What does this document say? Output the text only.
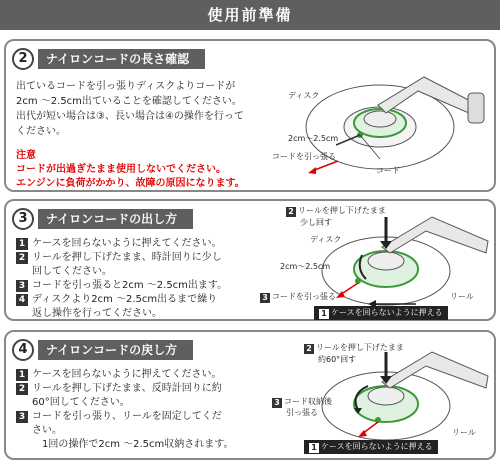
使用前準備
2	ナイロンコードの長さ確認
出ているコードを引っ張りディスクよりコードが
2cm 〜2.5cm出ていることを確認してください。
出代が短い場合は③、長い場合は④の操作を行って
ください。
注意
コードが出過ぎたまま使用しないでください。
エンジンに負荷がかかり、故障の原因になります。
ディスク
2cm〜2.5cm
コードを引っ張る
コード
3	ナイロンコードの出し方
1 ケースを回らないように押えてください。
2 リールを押し下げたまま、時計回りに少し
回してください。
3 コードを引っ張ると2cm 〜2.5cm出ます。
4 ディスクより2cm 〜2.5cm出るまで繰り
返し操作を行ってください。
2 リールを押し下げたまま
少し回す
ディスク
2cm〜2.5cm
3 コードを引っ張る	リール
1 ケースを回らないように押える
4	ナイロンコードの戻し方
1 ケースを回らないように押えてください。
2 リールを押し下げたまま、反時計回りに約
60°回してください。
3 コードを引っ張り、リールを固定してくだ
さい。
1回の操作で2cm 〜2.5cm収納されます。
2 リールを押し下げたまま
約60°回す
3 コード収納後
引っ張る
リール
1 ケースを回らないように押える
